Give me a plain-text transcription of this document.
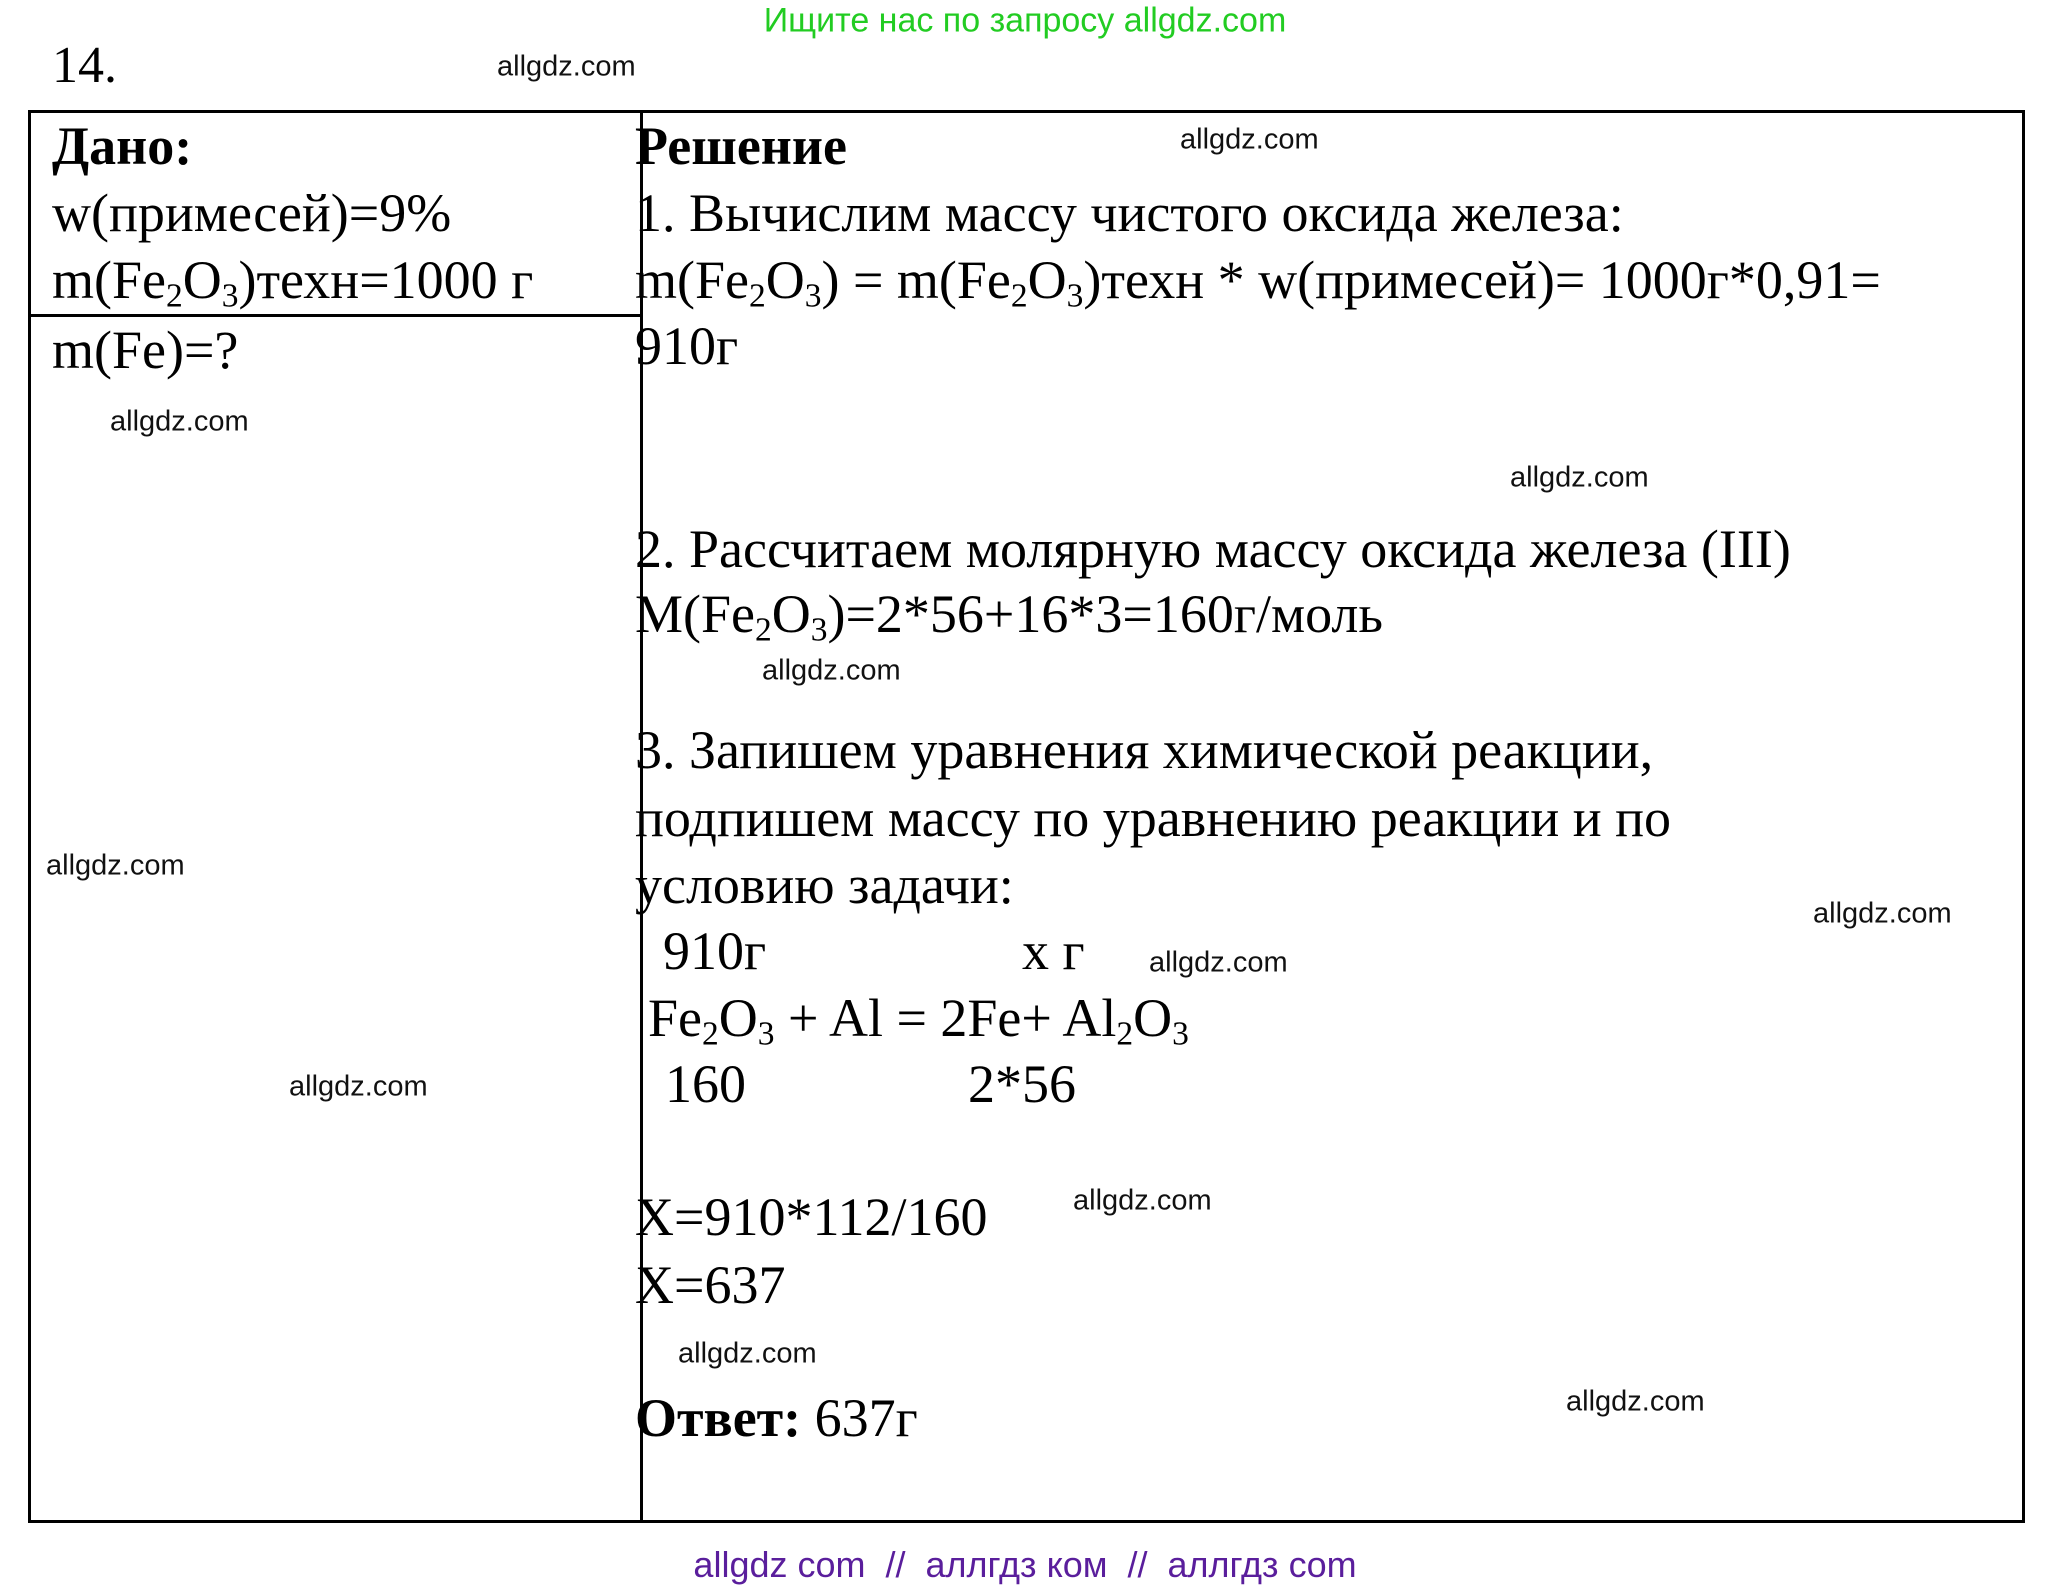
Ищите нас по запросу allgdz.com
14.
Дано:
w(примесей)=9%
$m(Fe_2O_3)техн=1000$ г
m(Fe)=?
Решение
1. Вычислим массу чистого оксида железа:
$m(Fe_2O_3)$ = $m(Fe_2O_3)техн$ * w(примесей)= 1000г*0,91=
910г
2. Рассчитаем молярную массу оксида железа (III)
$M(Fe_2O_3)=2*56+16*3=160г$/моль
3. Запишем уравнения химической реакции,
подпишем массу по уравнению реакции и по
условию задачи:
910г	x г
$Fe_2O_3 + Al = 2Fe+ Al_2O_3$
160	2*56
X=910*112/160
X=637
Ответ: 637г
allgdz.com
allgdz.com
allgdz.com
allgdz.com
allgdz.com
allgdz.com
allgdz.com
allgdz.com
allgdz.com
allgdz.com
allgdz.com
allgdz.com
allgdz com  //  аллгдз ком  //  аллгдз com
